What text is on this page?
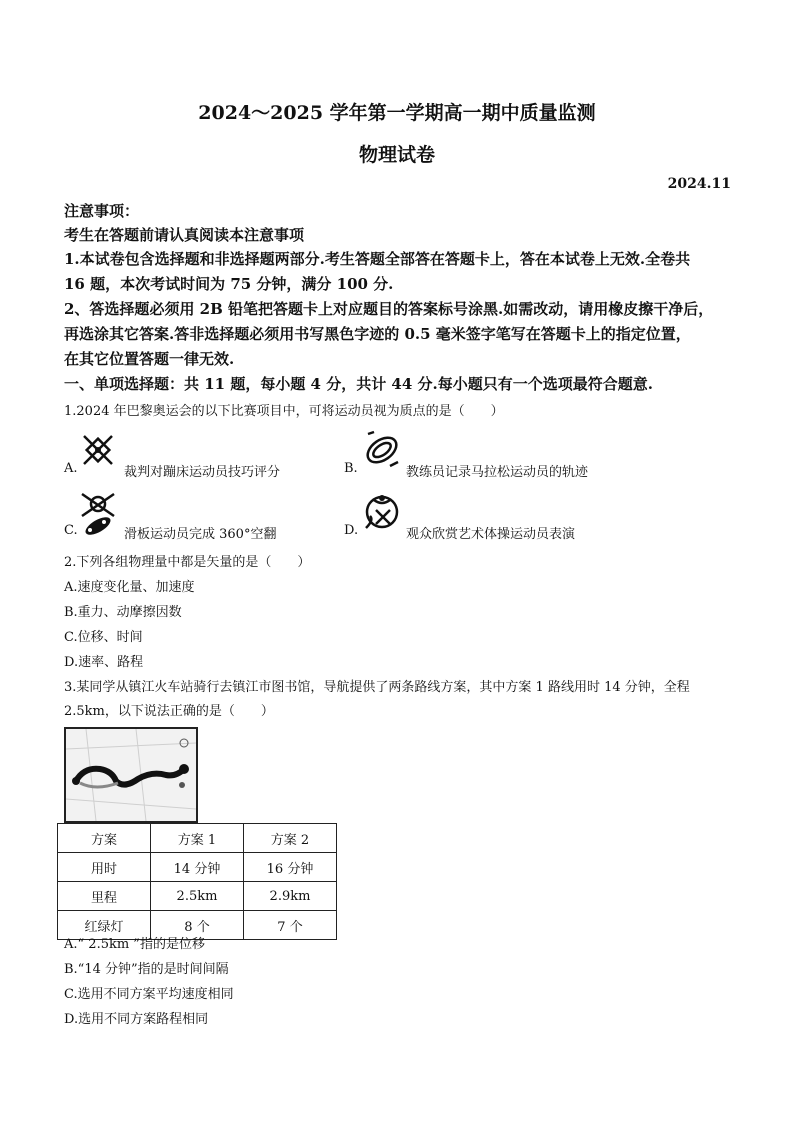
2024～2025 学年第一学期高一期中质量监测
物理试卷
2024.11
注意事项：
考生在答题前请认真阅读本注意事项
1.本试卷包含选择题和非选择题两部分.考生答题全部答在答题卡上，答在本试卷上无效.全卷共
16 题，本次考试时间为 75 分钟，满分 100 分.
2、答选择题必须用 2B 铅笔把答题卡上对应题目的答案标号涂黑.如需改动，请用橡皮擦干净后，
再选涂其它答案.答非选择题必须用书写黑色字迹的 0.5 毫米签字笔写在答题卡上的指定位置，
在其它位置答题一律无效.
一、单项选择题：共 11 题，每小题 4 分，共计 44 分.每小题只有一个选项最符合题意.
1.2024 年巴黎奥运会的以下比赛项目中，可将运动员视为质点的是（　　）
A.	裁判对蹦床运动员技巧评分	B.	教练员记录马拉松运动员的轨迹
C.	滑板运动员完成 360°空翻	D.	观众欣赏艺术体操运动员表演
2.下列各组物理量中都是矢量的是（　　）
A.速度变化量、加速度
B.重力、动摩擦因数
C.位移、时间
D.速率、路程
3.某同学从镇江火车站骑行去镇江市图书馆，导航提供了两条路线方案，其中方案 1 路线用时 14 分钟，全程
2.5km，以下说法正确的是（　　）
方案	方案 1	方案 2
用时	14 分钟	16 分钟
里程	2.5km	2.9km
红绿灯	8 个	7 个
A.“ 2.5km ”指的是位移
B.“14 分钟”指的是时间间隔
C.选用不同方案平均速度相同
D.选用不同方案路程相同
